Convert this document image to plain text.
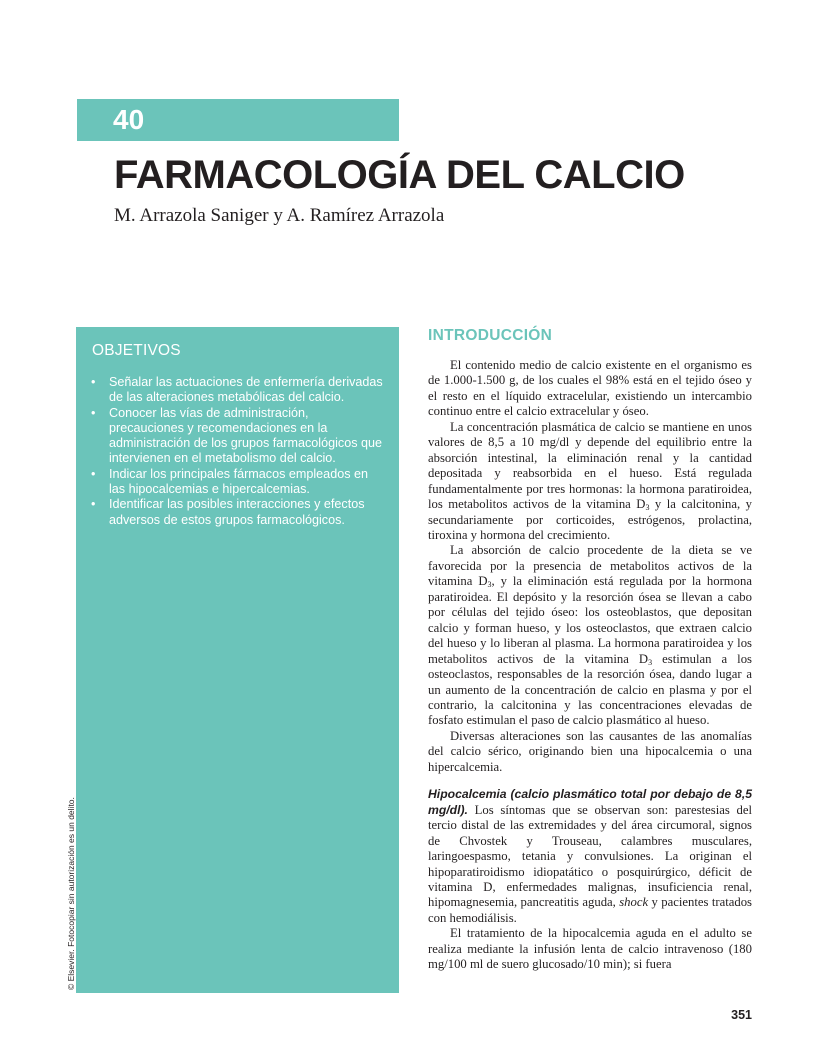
40
FARMACOLOGÍA DEL CALCIO
M. Arrazola Saniger y A. Ramírez Arrazola
OBJETIVOS
• Señalar las actuaciones de enfermería derivadas de las alteraciones metabólicas del calcio.
• Conocer las vías de administración, precauciones y recomendaciones en la administración de los grupos farmacológicos que intervienen en el metabolismo del calcio.
• Indicar los principales fármacos empleados en las hipocalcemias e hipercalcemias.
• Identificar las posibles interacciones y efectos adversos de estos grupos farmacológicos.
© Elsevier. Fotocopiar sin autorización es un delito.
INTRODUCCIÓN

El contenido medio de calcio existente en el organismo es de 1.000-1.500 g, de los cuales el 98% está en el tejido óseo y el resto en el líquido extracelular, existiendo un intercambio continuo entre el calcio extracelular y óseo.

La concentración plasmática de calcio se mantiene en unos valores de 8,5 a 10 mg/dl y depende del equilibrio entre la absorción intestinal, la eliminación renal y la cantidad depositada y reabsorbida en el hueso. Está regulada fundamentalmente por tres hormonas: la hormona paratiroidea, los metabolitos activos de la vitamina $D_3$ y la calcitonina, y secundariamente por corticoides, estrógenos, prolactina, tiroxina y hormona del crecimiento.

La absorción de calcio procedente de la dieta se ve favorecida por la presencia de metabolitos activos de la vitamina $D_3$, y la eliminación está regulada por la hormona paratiroidea. El depósito y la resorción ósea se llevan a cabo por células del tejido óseo: los osteoblastos, que depositan calcio y forman hueso, y los osteoclastos, que extraen calcio del hueso y lo liberan al plasma. La hormona paratiroidea y los metabolitos activos de la vitamina $D_3$ estimulan a los osteoclastos, responsables de la resorción ósea, dando lugar a un aumento de la concentración de calcio en plasma y por el contrario, la calcitonina y las concentraciones elevadas de fosfato estimulan el paso de calcio plasmático al hueso.

Diversas alteraciones son las causantes de las anomalías del calcio sérico, originando bien una hipocalcemia o una hipercalcemia.

Hipocalcemia (calcio plasmático total por debajo de 8,5 mg/dl). Los síntomas que se observan son: parestesias del tercio distal de las extremidades y del área circumoral, signos de Chvostek y Trouseau, calambres musculares, laringoespasmo, tetania y convulsiones. La originan el hipoparatiroidismo idiopatático o posquirúrgico, déficit de vitamina D, enfermedades malignas, insuficiencia renal, hipomagnesemia, pancreatitis aguda, shock y pacientes tratados con hemodiálisis.

El tratamiento de la hipocalcemia aguda en el adulto se realiza mediante la infusión lenta de calcio intravenoso (180 mg/100 ml de suero glucosado/10 min); si fuera

351
